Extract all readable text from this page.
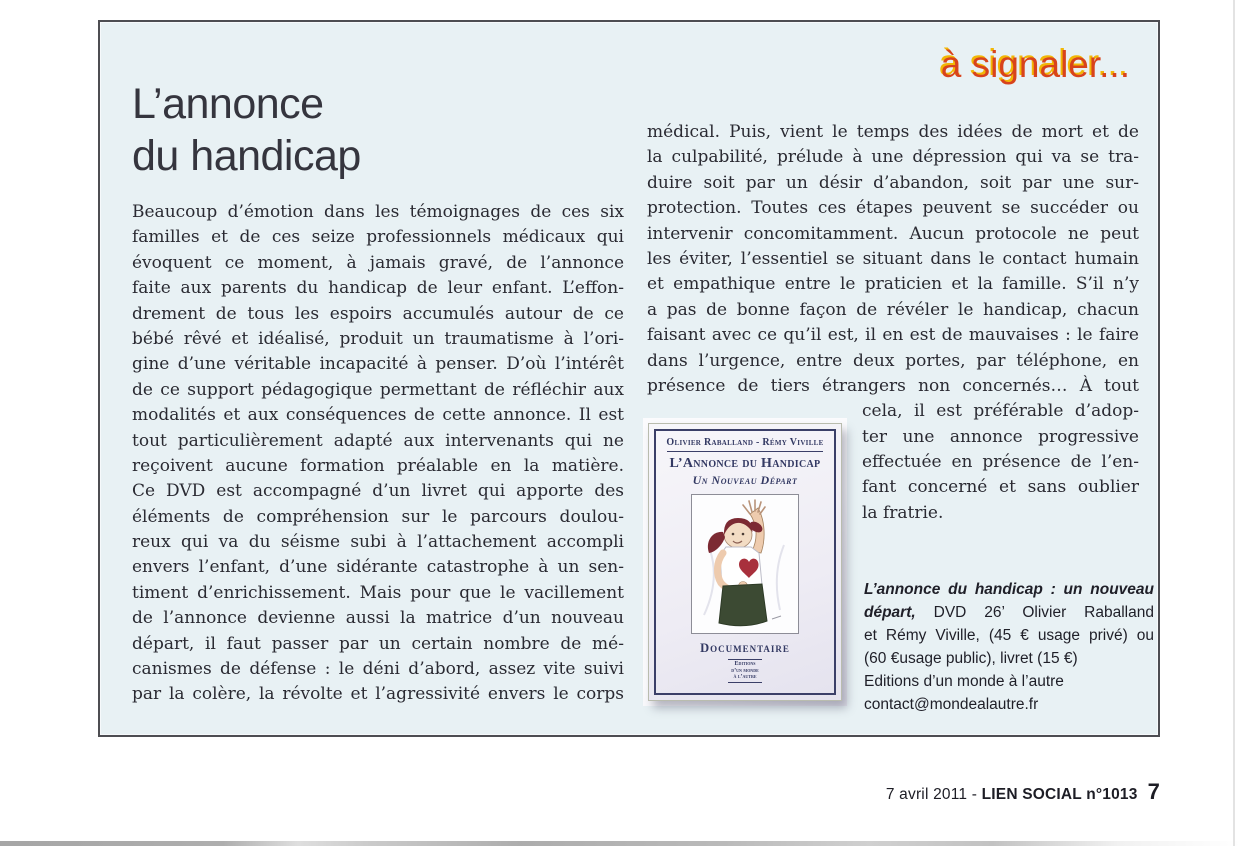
à signaler...
L’annonce
du handicap
Beaucoup d’émotion dans les témoignages de ces six
familles et de ces seize professionnels médicaux qui
évoquent ce moment, à jamais gravé, de l’annonce
faite aux parents du handicap de leur enfant. L’effon-
drement de tous les espoirs accumulés autour de ce
bébé rêvé et idéalisé, produit un traumatisme à l’ori-
gine d’une véritable incapacité à penser. D’où l’intérêt
de ce support pédagogique permettant de réfléchir aux
modalités et aux conséquences de cette annonce. Il est
tout particulièrement adapté aux intervenants qui ne
reçoivent aucune formation préalable en la matière.
Ce DVD est accompagné d’un livret qui apporte des
éléments de compréhension sur le parcours doulou-
reux qui va du séisme subi à l’attachement accompli
envers l’enfant, d’une sidérante catastrophe à un sen-
timent d’enrichissement. Mais pour que le vacillement
de l’annonce devienne aussi la matrice d’un nouveau
départ, il faut passer par un certain nombre de mé-
canismes de défense : le déni d’abord, assez vite suivi
par la colère, la révolte et l’agressivité envers le corps
médical. Puis, vient le temps des idées de mort et de
la culpabilité, prélude à une dépression qui va se tra-
duire soit par un désir d’abandon, soit par une sur-
protection. Toutes ces étapes peuvent se succéder ou
intervenir concomitamment. Aucun protocole ne peut
les éviter, l’essentiel se situant dans le contact humain
et empathique entre le praticien et la famille. S’il n’y
a pas de bonne façon de révéler le handicap, chacun
faisant avec ce qu’il est, il en est de mauvaises : le faire
dans l’urgence, entre deux portes, par téléphone, en
présence de tiers étrangers non concernés… À tout
cela, il est préférable d’adop-
ter une annonce progressive
effectuée en présence de l’en-
fant concerné et sans oublier
la fratrie.
Olivier Raballand - Rémy Viville
L’Annonce du Handicap
Un Nouveau Départ
Documentaire
Editions
d’un monde
à l’autre
L’annonce du handicap : un nouveau
départ, DVD 26’ Olivier Raballand
et Rémy Viville, (45 € usage privé) ou
(60 €usage public), livret (15 €)
Editions d’un monde à l’autre
contact@mondealautre.fr
7 avril 2011 - LIEN SOCIAL n°1013 7
